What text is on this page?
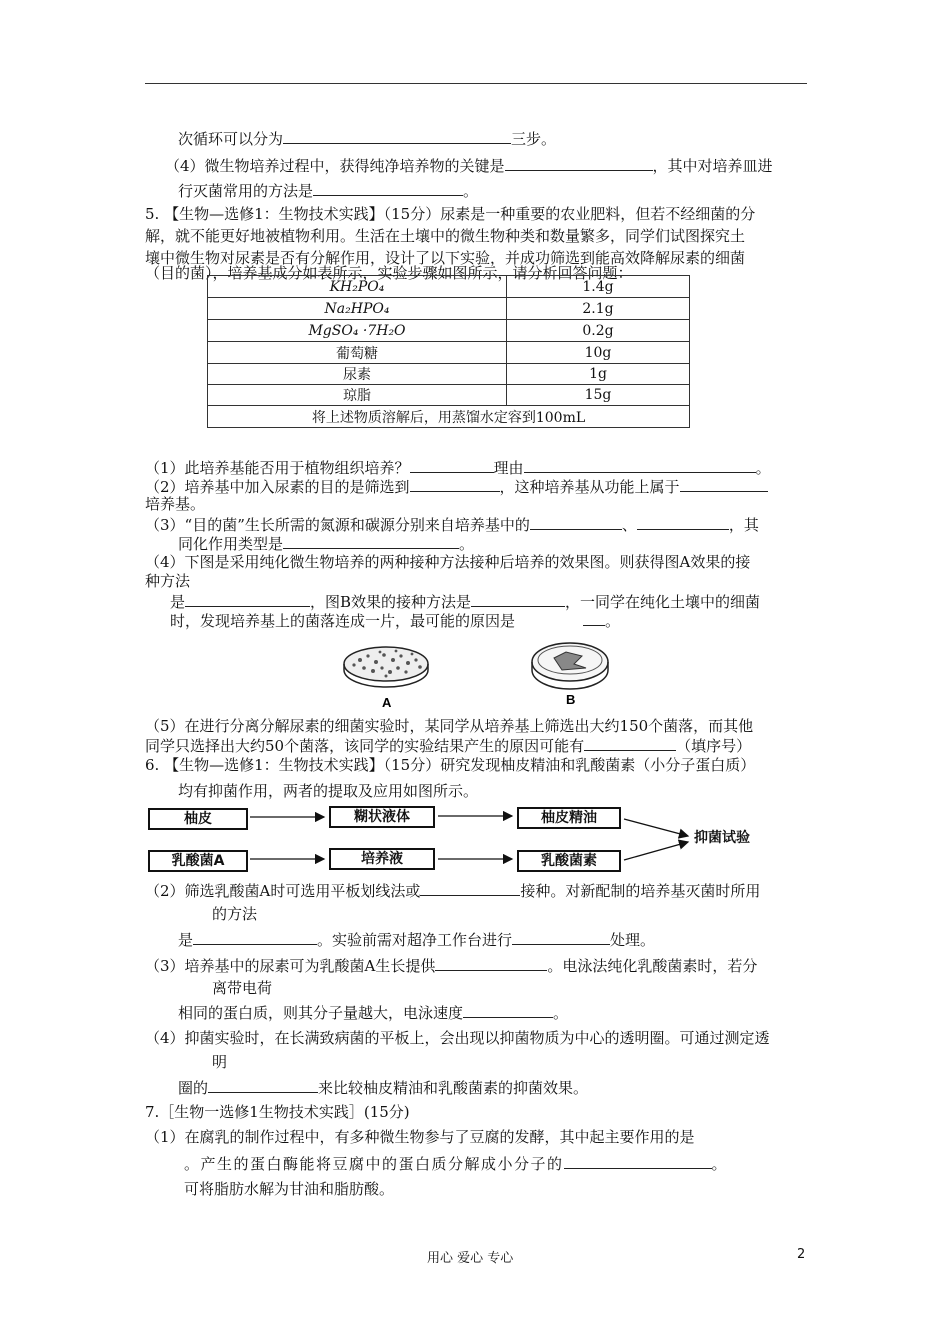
次循环可以分为	三步。
（4）微生物培养过程中，获得纯净培养物的关键是	，其中对培养皿进
行灭菌常用的方法是	。
5. 【生物—选修1：生物技术实践】（15分）尿素是一种重要的农业肥料，但若不经细菌的分
解，就不能更好地被植物利用。生活在土壤中的微生物种类和数量繁多，同学们试图探究土
壤中微生物对尿素是否有分解作用，设计了以下实验，并成功筛选到能高效降解尿素的细菌
（目的菌），培养基成分如表所示，实验步骤如图所示，请分析回答问题：
KH₂PO₄	1.4g
Na₂HPO₄	2.1g
MgSO₄ ·7H₂O	0.2g
葡萄糖	10g
尿素	1g
琼脂	15g
将上述物质溶解后，用蒸馏水定容到100mL	
（1）此培养基能否用于植物组织培养？	理由	。
（2）培养基中加入尿素的目的是筛选到	，这种培养基从功能上属于
培养基。
（3）“目的菌”生长所需的氮源和碳源分别来自培养基中的	、	，其
同化作用类型是	。
（4）下图是采用纯化微生物培养的两种接种方法接种后培养的效果图。则获得图A效果的接
种方法
是	，图B效果的接种方法是	，一同学在纯化土壤中的细菌
时，发现培养基上的菌落连成一片，最可能的原因是	。
A	B
（5）在进行分离分解尿素的细菌实验时，某同学从培养基上筛选出大约150个菌落，而其他
同学只选择出大约50个菌落，该同学的实验结果产生的原因可能有	（填序号）
6. 【生物—选修1：生物技术实践】（15分）研究发现柚皮精油和乳酸菌素（小分子蛋白质）
均有抑菌作用，两者的提取及应用如图所示。
柚皮	糊状液体	柚皮精油
乳酸菌A	培养液	乳酸菌素
抑菌试验
（2）筛选乳酸菌A时可选用平板划线法或	接种。对新配制的培养基灭菌时所用
的方法
是	。实验前需对超净工作台进行	处理。
（3）培养基中的尿素可为乳酸菌A生长提供	。电泳法纯化乳酸菌素时，若分
离带电荷
相同的蛋白质，则其分子量越大，电泳速度	。
（4）抑菌实验时，在长满致病菌的平板上，会出现以抑菌物质为中心的透明圈。可通过测定透
明
圈的	来比较柚皮精油和乳酸菌素的抑菌效果。
7.［生物一选修1生物技术实践］(15分)
（1）在腐乳的制作过程中，有多种微生物参与了豆腐的发酵，其中起主要作用的是
。产生的蛋白酶能将豆腐中的蛋白质分解成小分子的	。
可将脂肪水解为甘油和脂肪酸。
用心 爱心 专心	2
